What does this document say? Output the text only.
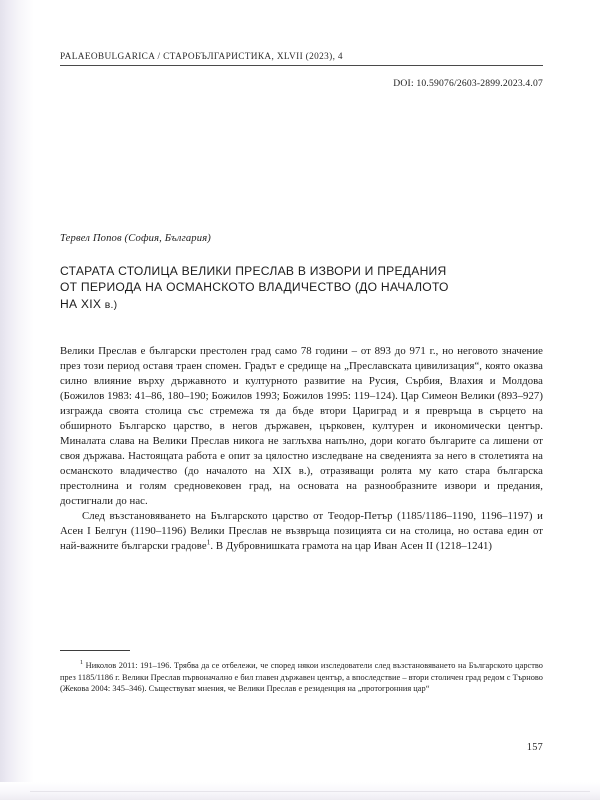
PALAEOBULGARICA / СТАРОБЪЛГАРИСТИКА, XLVII (2023), 4
DOI: 10.59076/2603-2899.2023.4.07
Тервел Попов (София, България)
СТАРАТА СТОЛИЦА ВЕЛИКИ ПРЕСЛАВ В ИЗВОРИ И ПРЕДАНИЯ
ОТ ПЕРИОДА НА ОСМАНСКОТО ВЛАДИЧЕСТВО (ДО НАЧАЛОТО
НА XIX в.)

Велики Преслав е български престолен град само 78 години – от 893 до 971 г., но неговото значение през този период оставя траен спомен. Градът е средище на „Преславската цивилизация“, която оказва силно влияние върху държавното и културното развитие на Русия, Сърбия, Влахия и Молдова (Божилов 1983: 41–86, 180–190; Божилов 1993; Божилов 1995: 119–124). Цар Симеон Велики (893–927) изгражда своята столица със стремежа тя да бъде втори Цариград и я превръща в сърцето на обширното Българско царство, в негов държавен, църковен, културен и икономически център. Миналата слава на Велики Преслав никога не заглъхва напълно, дори когато българите са лишени от своя държава. Настоящата работа е опит за цялостно изследване на сведенията за него в столетията на османското владичество (до началото на XIX в.), отразяващи ролята му като стара българска престолнина и голям средновековен град, на основата на разнообразните извори и предания, достигнали до нас.

След възстановяването на Българското царство от Теодор-Петър (1185/1186–1190, 1196–1197) и Асен I Белгун (1190–1196) Велики Преслав не възвръща позицията си на столица, но остава един от най-важните български градове$^1$. В Дубровнишката грамота на цар Иван Асен II (1218–1241)

$^1$ Николов 2011: 191–196. Трябва да се отбележи, че според някои изследователи след възстановяването на Българското царство през 1185/1186 г. Велики Преслав първоначално е бил главен държавен център, а впоследствие – втори столичен град редом с Търново (Жекова 2004: 345–346). Съществуват мнения, че Велики Преслав е резиденция на „протогронния цар“

157
